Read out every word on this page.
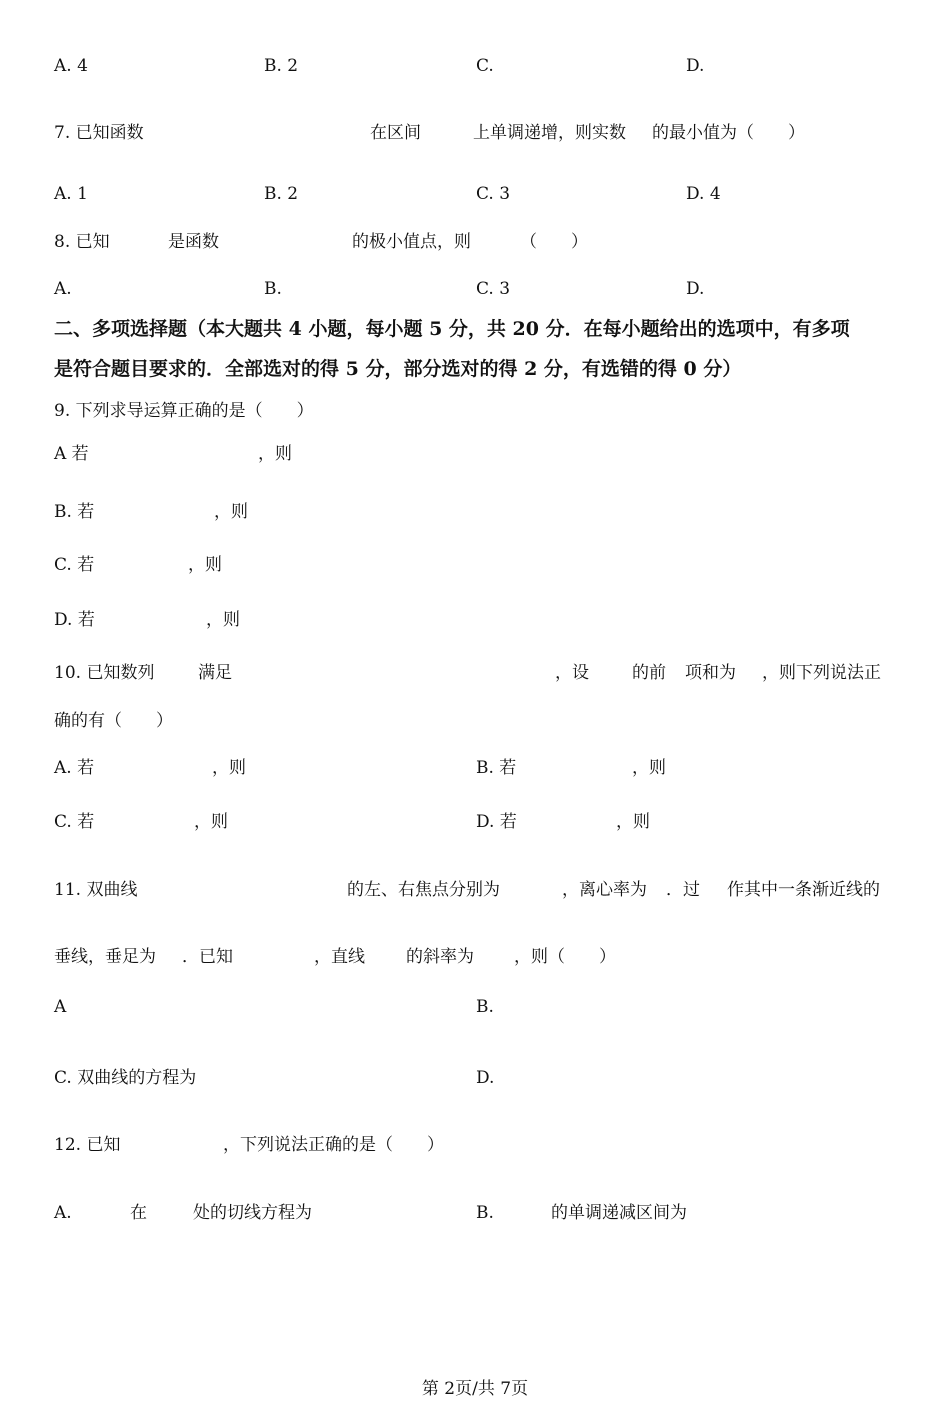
A. 4	B. 2	C.	D.
7. 已知函数	在区间	上单调递增，则实数 的最小值为（　　）
A. 1	B. 2	C. 3	D. 4
8. 已知	是函数	的极小值点，则	（　　）
A.	B.	C. 3	D.
二、多项选择题（本大题共 4 小题，每小题 5 分，共 20 分．在每小题给出的选项中，有多项
是符合题目要求的．全部选对的得 5 分，部分选对的得 2 分，有选错的得 0 分）
9. 下列求导运算正确的是（　　）
A 若	，则
B. 若	，则
C. 若	，则
D. 若	，则
10. 已知数列	满足	，设	的前 项和为 ，则下列说法正
确的有（　　）
A. 若	，则	B. 若	，则
C. 若	，则	D. 若	，则
11. 双曲线	的左、右焦点分别为	，离心率为 ．过 作其中一条渐近线的
垂线，垂足为 ．已知	，直线 的斜率为 ，则（　　）
A	B.
C. 双曲线的方程为	D.
12. 已知	，下列说法正确的是（　　）
A.	在	处的切线方程为	B.	的单调递减区间为
第 2页/共 7页
